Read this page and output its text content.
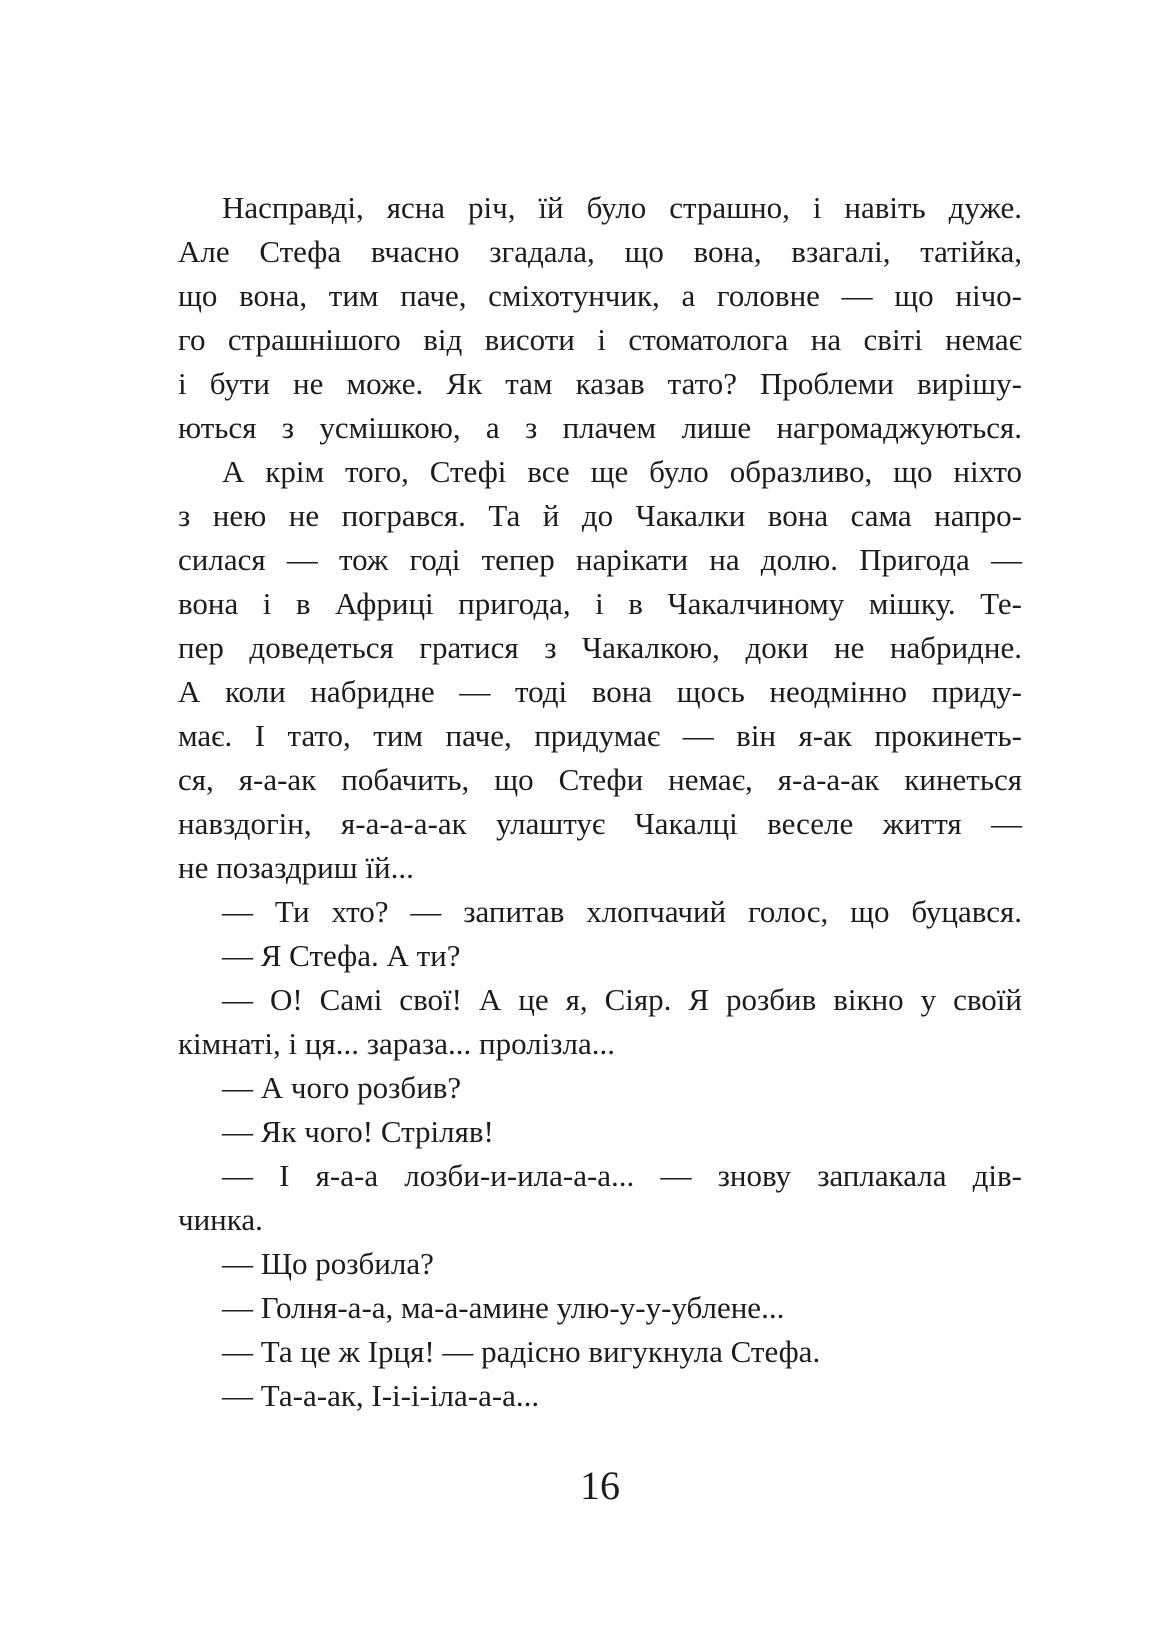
Насправді, ясна річ, їй було страшно, і навіть дуже.
Але Стефа вчасно згадала, що вона, взагалі, татійка,
що вона, тим паче, сміхотунчик, а головне — що нічо-
го страшнішого від висоти і стоматолога на світі немає
і бути не може. Як там казав тато? Проблеми вирішу-
ються з усмішкою, а з плачем лише нагромаджуються.
А крім того, Стефі все ще було образливо, що ніхто
з нею не погрався. Та й до Чакалки вона сама напро-
силася — тож годі тепер нарікати на долю. Пригода —
вона і в Африці пригода, і в Чакалчиному мішку. Те-
пер доведеться гратися з Чакалкою, доки не набридне.
А коли набридне — тоді вона щось неодмінно приду-
має. І тато, тим паче, придумає — він я-ак прокинеть-
ся, я-а-ак побачить, що Стефи немає, я-а-а-ак кинеться
навздогін, я-а-а-а-ак улаштує Чакалці веселе життя —
не позаздриш їй...
— Ти хто? — запитав хлопчачий голос, що буцався.
— Я Стефа. А ти?
— О! Самі свої! А це я, Сіяр. Я розбив вікно у своїй
кімнаті, і ця... зараза... пролізла...
— А чого розбив?
— Як чого! Стріляв!
— І я-а-а лозби-и-ила-а-а... — знову заплакала дів-
чинка.
— Що розбила?
— Голня-а-а, ма-а-амине улю-у-у-ублене...
— Та це ж Ірця! — радісно вигукнула Стефа.
— Та-а-ак, І-і-і-іла-а-а...
16
